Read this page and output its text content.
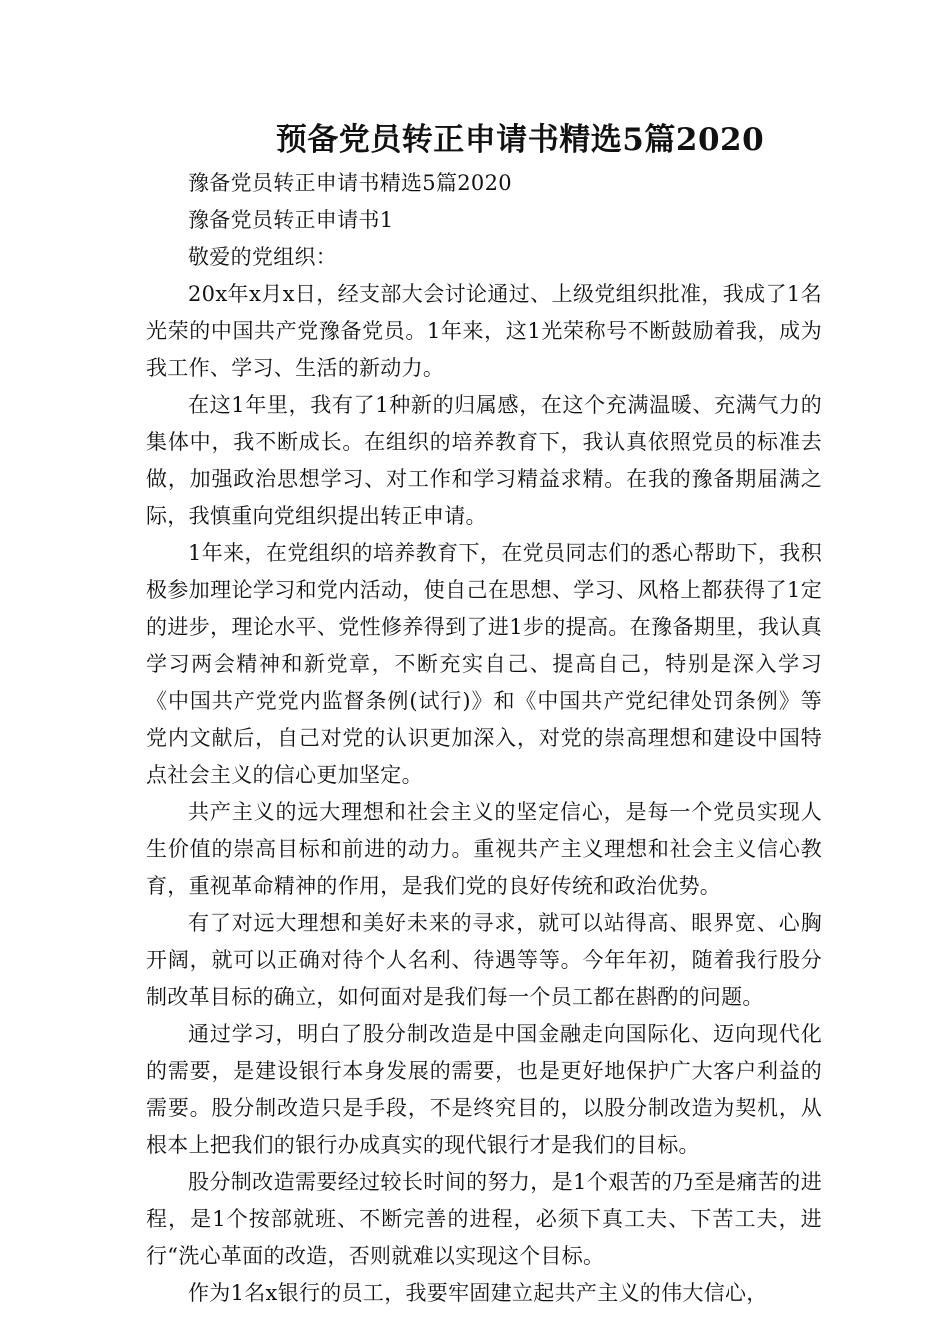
预备党员转正申请书精选5篇2020

豫备党员转正申请书精选5篇2020

豫备党员转正申请书1

敬爱的党组织：

20x年x月x日，经支部大会讨论通过、上级党组织批准，我成了1名光荣的中国共产党豫备党员。1年来，这1光荣称号不断鼓励着我，成为我工作、学习、生活的新动力。

在这1年里，我有了1种新的归属感，在这个充满温暖、充满气力的集体中，我不断成长。在组织的培养教育下，我认真依照党员的标准去做，加强政治思想学习、对工作和学习精益求精。在我的豫备期届满之际，我慎重向党组织提出转正申请。

1年来，在党组织的培养教育下，在党员同志们的悉心帮助下，我积极参加理论学习和党内活动，使自己在思想、学习、风格上都获得了1定的进步，理论水平、党性修养得到了进1步的提高。在豫备期里，我认真学习两会精神和新党章，不断充实自己、提高自己，特别是深入学习《中国共产党党内监督条例(试行)》和《中国共产党纪律处罚条例》等党内文献后，自己对党的认识更加深入，对党的崇高理想和建设中国特点社会主义的信心更加坚定。

共产主义的远大理想和社会主义的坚定信心，是每一个党员实现人生价值的崇高目标和前进的动力。重视共产主义理想和社会主义信心教育，重视革命精神的作用，是我们党的良好传统和政治优势。

有了对远大理想和美好未来的寻求，就可以站得高、眼界宽、心胸开阔，就可以正确对待个人名利、待遇等等。今年年初，随着我行股分制改革目标的确立，如何面对是我们每一个员工都在斟酌的问题。

通过学习，明白了股分制改造是中国金融走向国际化、迈向现代化的需要，是建设银行本身发展的需要，也是更好地保护广大客户利益的需要。股分制改造只是手段，不是终究目的，以股分制改造为契机，从根本上把我们的银行办成真实的现代银行才是我们的目标。

股分制改造需要经过较长时间的努力，是1个艰苦的乃至是痛苦的进程，是1个按部就班、不断完善的进程，必须下真工夫、下苦工夫，进行“洗心革面的改造，否则就难以实现这个目标。

作为1名x银行的员工，我要牢固建立起共产主义的伟大信心，
